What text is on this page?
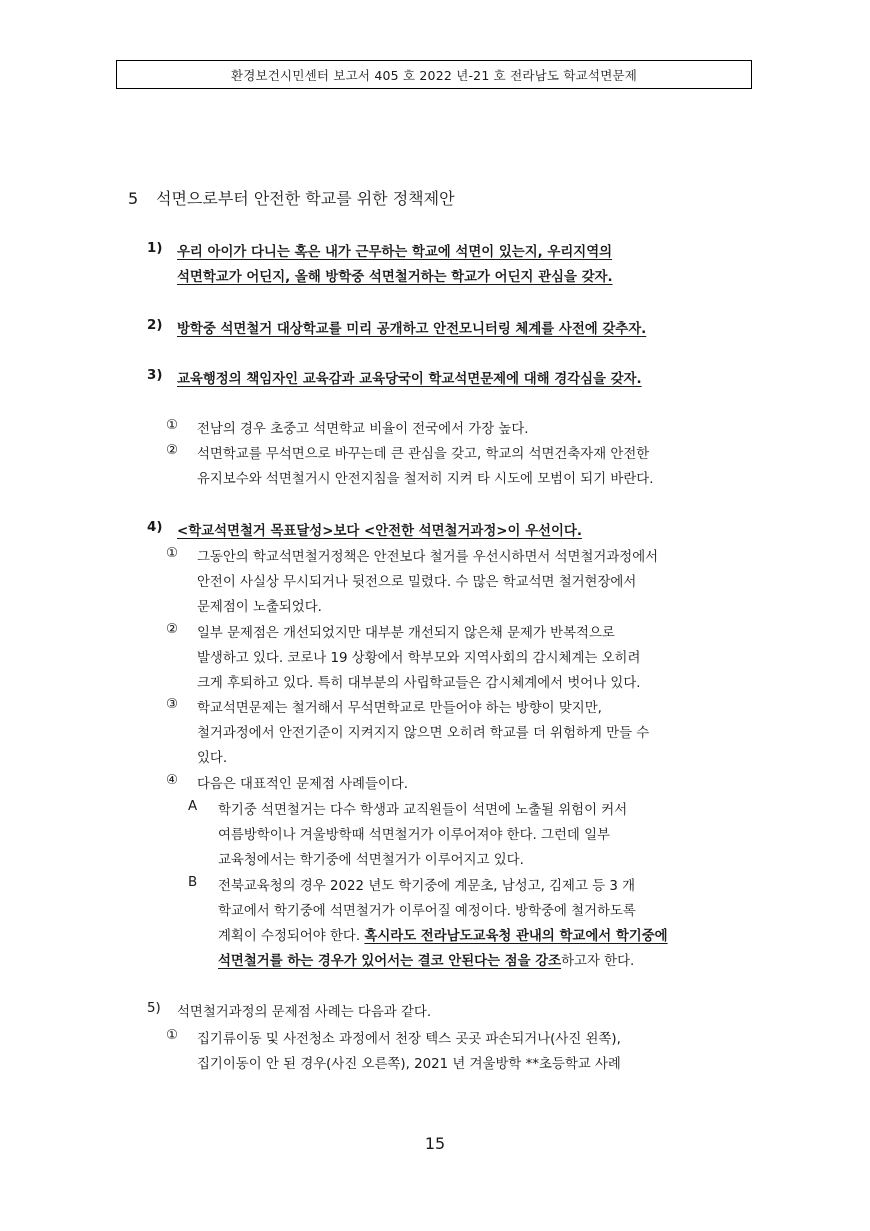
환경보건시민센터 보고서 405 호 2022 년-21 호 전라남도 학교석면문제
5 석면으로부터 안전한 학교를 위한 정책제안
1) 우리 아이가 다니는 혹은 내가 근무하는 학교에 석면이 있는지, 우리지역의
석면학교가 어딘지, 올해 방학중 석면철거하는 학교가 어딘지 관심을 갖자.
2) 방학중 석면철거 대상학교를 미리 공개하고 안전모니터링 체계를 사전에 갖추자.
3) 교육행정의 책임자인 교육감과 교육당국이 학교석면문제에 대해 경각심을 갖자.
① 전남의 경우 초중고 석면학교 비율이 전국에서 가장 높다.
② 석면학교를 무석면으로 바꾸는데 큰 관심을 갖고, 학교의 석면건축자재 안전한
유지보수와 석면철거시 안전지침을 철저히 지켜 타 시도에 모범이 되기 바란다.
4) <학교석면철거 목표달성>보다 <안전한 석면철거과정>이 우선이다.
① 그동안의 학교석면철거정책은 안전보다 철거를 우선시하면서 석면철거과정에서
안전이 사실상 무시되거나 뒷전으로 밀렸다. 수 많은 학교석면 철거현장에서
문제점이 노출되었다.
② 일부 문제점은 개선되었지만 대부분 개선되지 않은채 문제가 반복적으로
발생하고 있다. 코로나 19 상황에서 학부모와 지역사회의 감시체계는 오히려
크게 후퇴하고 있다. 특히 대부분의 사립학교들은 감시체계에서 벗어나 있다.
③ 학교석면문제는 철거해서 무석면학교로 만들어야 하는 방향이 맞지만,
철거과정에서 안전기준이 지켜지지 않으면 오히려 학교를 더 위험하게 만들 수
있다.
④ 다음은 대표적인 문제점 사례들이다.
A 학기중 석면철거는 다수 학생과 교직원들이 석면에 노출될 위험이 커서
여름방학이나 겨울방학때 석면철거가 이루어져야 한다. 그런데 일부
교육청에서는 학기중에 석면철거가 이루어지고 있다.
B 전북교육청의 경우 2022 년도 학기중에 계문초, 남성고, 김제고 등 3 개
학교에서 학기중에 석면철거가 이루어질 예정이다. 방학중에 철거하도록
계획이 수정되어야 한다. 혹시라도 전라남도교육청 관내의 학교에서 학기중에
석면철거를 하는 경우가 있어서는 결코 안된다는 점을 강조하고자 한다.
5) 석면철거과정의 문제점 사례는 다음과 같다.
① 집기류이동 및 사전청소 과정에서 천장 텍스 곳곳 파손되거나(사진 왼쪽),
집기이동이 안 된 경우(사진 오른쪽), 2021 년 겨울방학 **초등학교 사례
15
